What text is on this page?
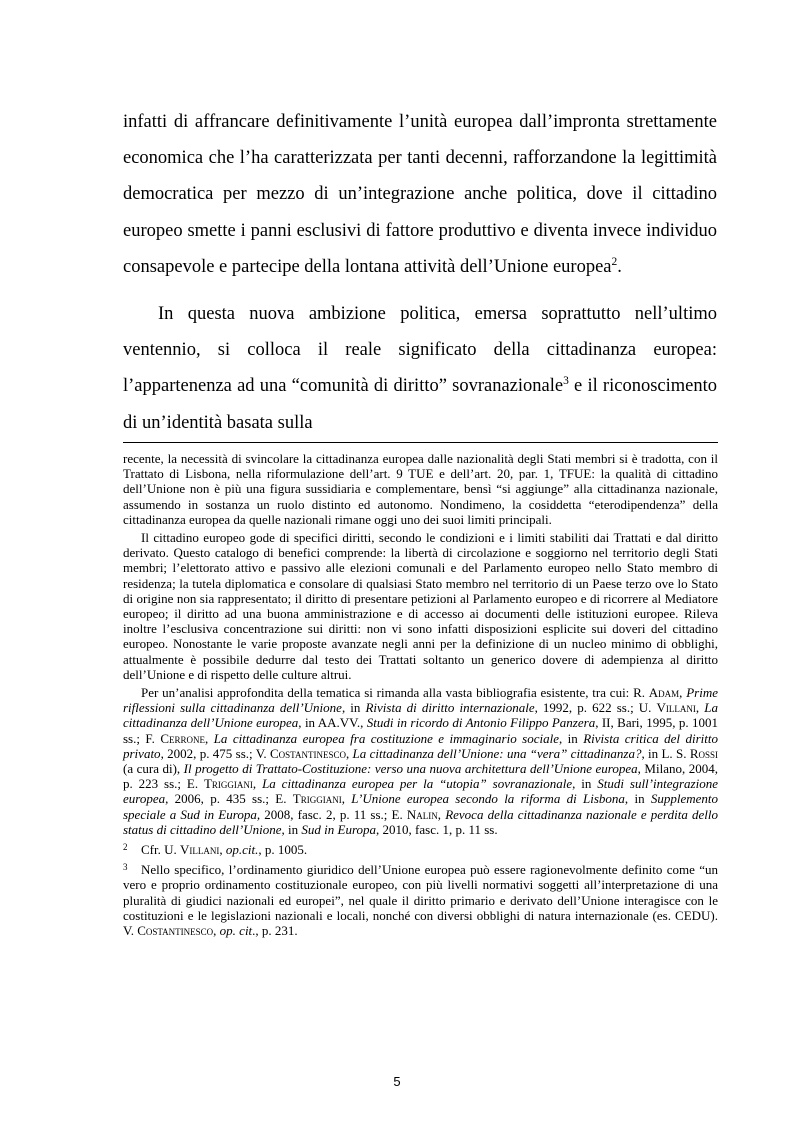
infatti di affrancare definitivamente l’unità europea dall’impronta strettamente economica che l’ha caratterizzata per tanti decenni, rafforzandone la legittimità democratica per mezzo di un’integrazione anche politica, dove il cittadino europeo smette i panni esclusivi di fattore produttivo e diventa invece individuo consapevole e partecipe della lontana attività dell’Unione europea$^2$.

In questa nuova ambizione politica, emersa soprattutto nell’ultimo ventennio, si colloca il reale significato della cittadinanza europea: l’appartenenza ad una “comunità di diritto” sovranazionale$^3$ e il riconoscimento di un’identità basata sulla

recente, la necessità di svincolare la cittadinanza europea dalle nazionalità degli Stati membri si è tradotta, con il Trattato di Lisbona, nella riformulazione dell’art. 9 TUE e dell’art. 20, par. 1, TFUE: la qualità di cittadino dell’Unione non è più una figura sussidiaria e complementare, bensì “si aggiunge” alla cittadinanza nazionale, assumendo in sostanza un ruolo distinto ed autonomo. Nondimeno, la cosiddetta “eterodipendenza” della cittadinanza europea da quelle nazionali rimane oggi uno dei suoi limiti principali.

Il cittadino europeo gode di specifici diritti, secondo le condizioni e i limiti stabiliti dai Trattati e dal diritto derivato. Questo catalogo di benefici comprende: la libertà di circolazione e soggiorno nel territorio degli Stati membri; l’elettorato attivo e passivo alle elezioni comunali e del Parlamento europeo nello Stato membro di residenza; la tutela diplomatica e consolare di qualsiasi Stato membro nel territorio di un Paese terzo ove lo Stato di origine non sia rappresentato; il diritto di presentare petizioni al Parlamento europeo e di ricorrere al Mediatore europeo; il diritto ad una buona amministrazione e di accesso ai documenti delle istituzioni europee. Rileva inoltre l’esclusiva concentrazione sui diritti: non vi sono infatti disposizioni esplicite sui doveri del cittadino europeo. Nonostante le varie proposte avanzate negli anni per la definizione di un nucleo minimo di obblighi, attualmente è possibile dedurre dal testo dei Trattati soltanto un generico dovere di adempienza al diritto dell’Unione e di rispetto delle culture altrui.

Per un’analisi approfondita della tematica si rimanda alla vasta bibliografia esistente, tra cui: R. Adam, Prime riflessioni sulla cittadinanza dell’Unione, in Rivista di diritto internazionale, 1992, p. 622 ss.; U. Villani, La cittadinanza dell’Unione europea, in AA.VV., Studi in ricordo di Antonio Filippo Panzera, II, Bari, 1995, p. 1001 ss.; F. Cerrone, La cittadinanza europea fra costituzione e immaginario sociale, in Rivista critica del diritto privato, 2002, p. 475 ss.; V. Costantinesco, La cittadinanza dell’Unione: una “vera” cittadinanza?, in L. S. Rossi (a cura di), Il progetto di Trattato-Costituzione: verso una nuova architettura dell’Unione europea, Milano, 2004, p. 223 ss.; E. Triggiani, La cittadinanza europea per la “utopia” sovranazionale, in Studi sull’integrazione europea, 2006, p. 435 ss.; E. Triggiani, L’Unione europea secondo la riforma di Lisbona, in Supplemento speciale a Sud in Europa, 2008, fasc. 2, p. 11 ss.; E. Nalin, Revoca della cittadinanza nazionale e perdita dello status di cittadino dell’Unione, in Sud in Europa, 2010, fasc. 1, p. 11 ss.

2 Cfr. U. Villani, op.cit., p. 1005.

3 Nello specifico, l’ordinamento giuridico dell’Unione europea può essere ragionevolmente definito come “un vero e proprio ordinamento costituzionale europeo, con più livelli normativi soggetti all’interpretazione di una pluralità di giudici nazionali ed europei”, nel quale il diritto primario e derivato dell’Unione interagisce con le costituzioni e le legislazioni nazionali e locali, nonché con diversi obblighi di natura internazionale (es. CEDU). V. Costantinesco, op. cit., p. 231.

5
